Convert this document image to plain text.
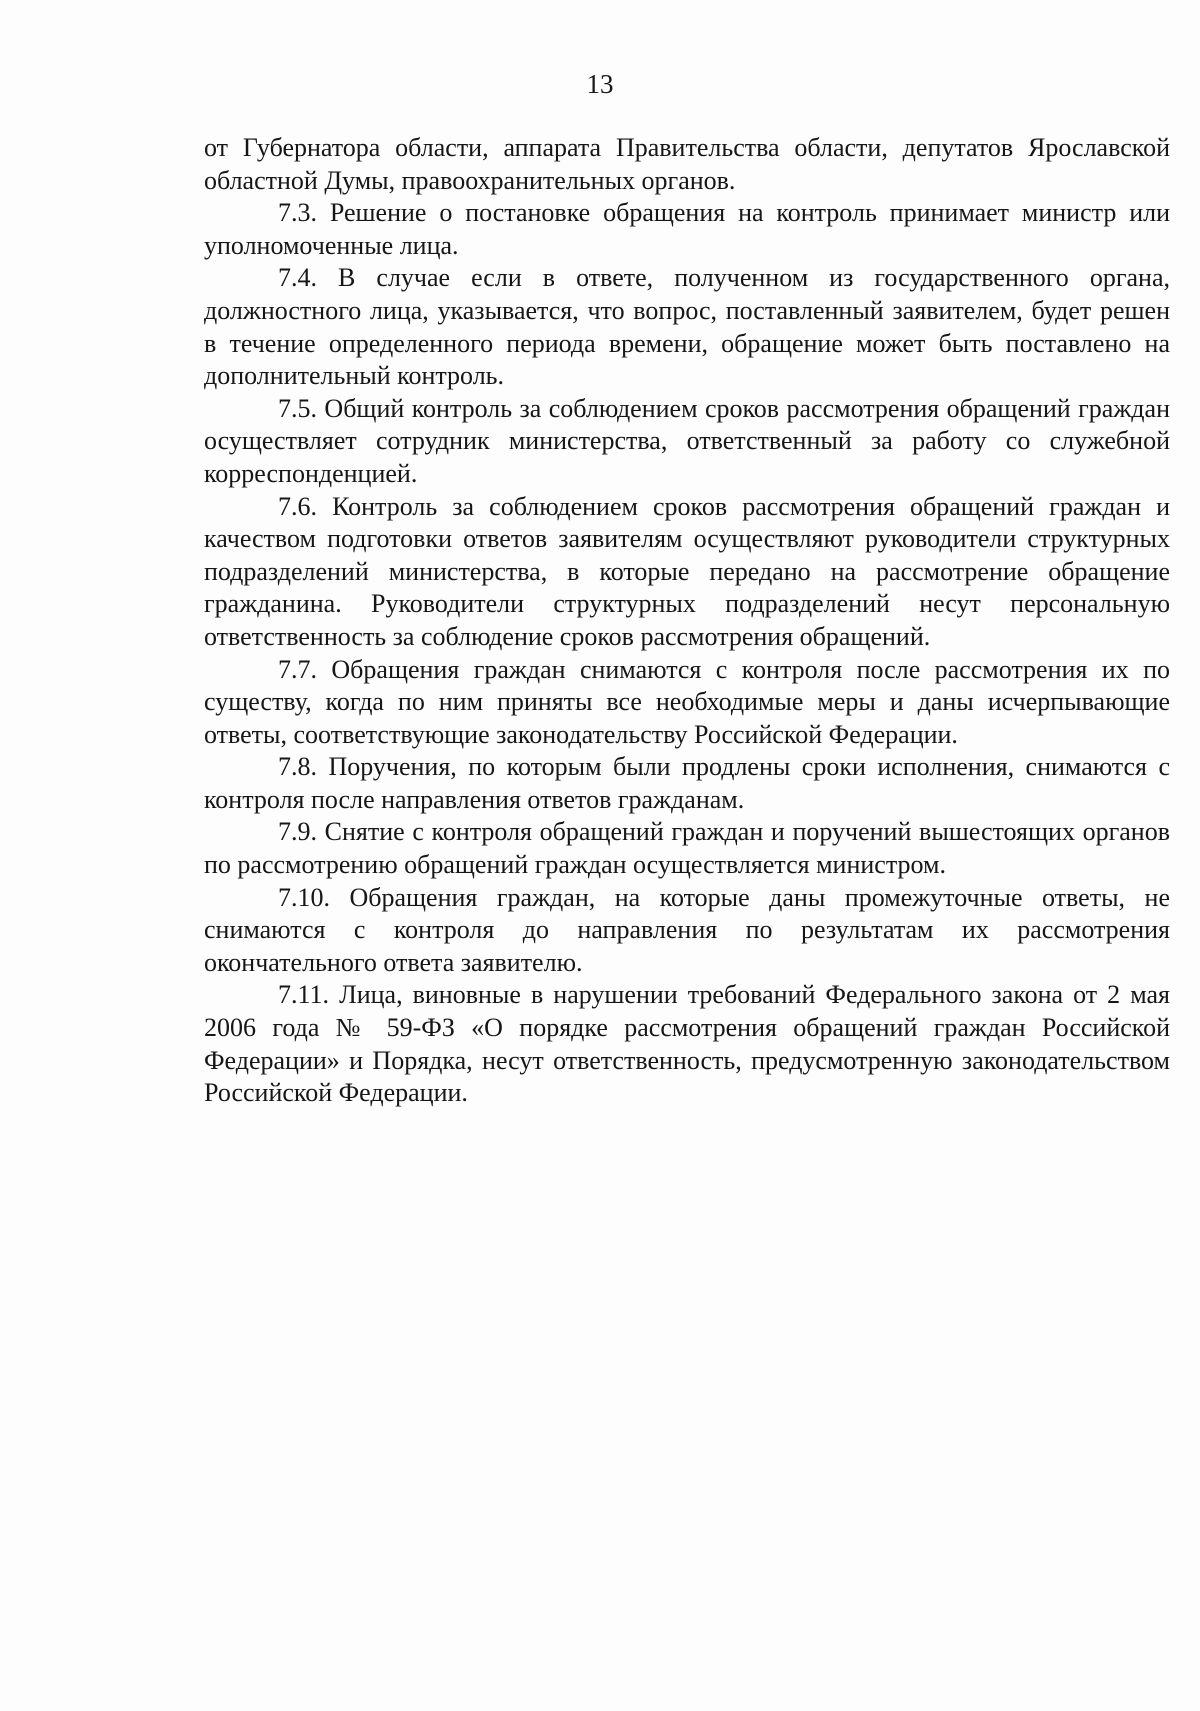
13

от Губернатора области, аппарата Правительства области, депутатов Ярославской областной Думы, правоохранительных органов.

7.3. Решение о постановке обращения на контроль принимает министр или уполномоченные лица.

7.4. В случае если в ответе, полученном из государственного органа, должностного лица, указывается, что вопрос, поставленный заявителем, будет решен в течение определенного периода времени, обращение может быть поставлено на дополнительный контроль.

7.5. Общий контроль за соблюдением сроков рассмотрения обращений граждан осуществляет сотрудник министерства, ответственный за работу со служебной корреспонденцией.

7.6. Контроль за соблюдением сроков рассмотрения обращений граждан и качеством подготовки ответов заявителям осуществляют руководители структурных подразделений министерства, в которые передано на рассмотрение обращение гражданина. Руководители структурных подразделений несут персональную ответственность за соблюдение сроков рассмотрения обращений.

7.7. Обращения граждан снимаются с контроля после рассмотрения их по существу, когда по ним приняты все необходимые меры и даны исчерпывающие ответы, соответствующие законодательству Российской Федерации.

7.8. Поручения, по которым были продлены сроки исполнения, снимаются с контроля после направления ответов гражданам.

7.9. Снятие с контроля обращений граждан и поручений вышестоящих органов по рассмотрению обращений граждан осуществляется министром.

7.10. Обращения граждан, на которые даны промежуточные ответы, не снимаются с контроля до направления по результатам их рассмотрения окончательного ответа заявителю.

7.11. Лица, виновные в нарушении требований Федерального закона от 2 мая 2006 года № 59-ФЗ «О порядке рассмотрения обращений граждан Российской Федерации» и Порядка, несут ответственность, предусмотренную законодательством Российской Федерации.
